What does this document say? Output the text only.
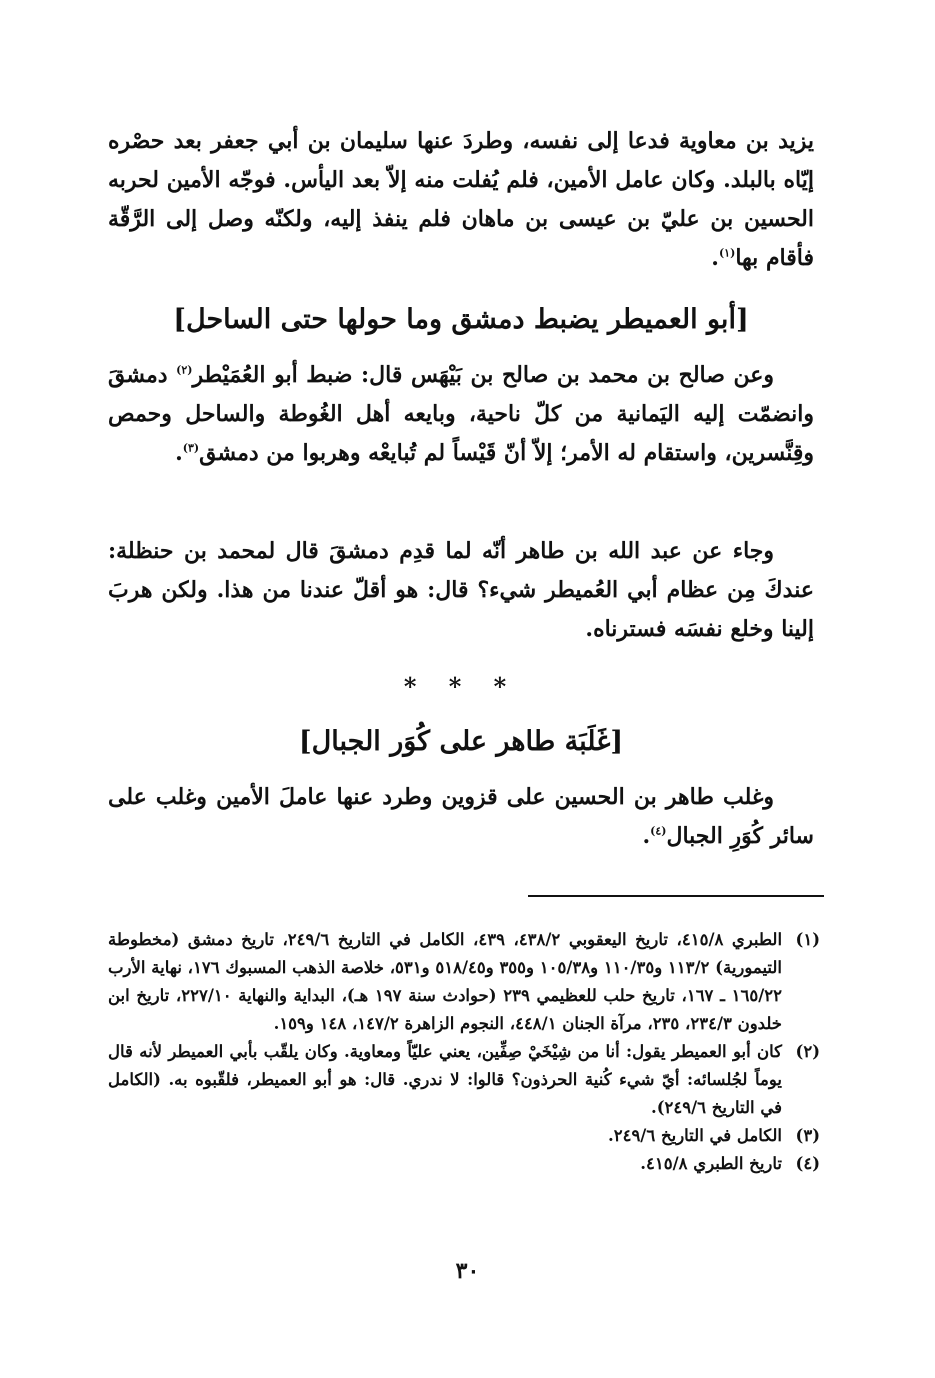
يزيد بن معاوية فدعا إلى نفسه، وطردَ عنها سليمان بن أبي جعفر بعد حصْره إيّاه بالبلد. وكان عامل الأمين، فلم يُفلت منه إلاّ بعد اليأس. فوجّه الأمين لحربه الحسين بن عليّ بن عيسى بن ماهان فلم ينفذ إليه، ولكنّه وصل إلى الرَّقّة فأقام بها$^{(١)}$.
[أبو العميطر يضبط دمشق وما حولها حتى الساحل]
وعن صالح بن محمد بن صالح بن بَيْهَس قال: ضبط أبو العُمَيْطر$^{(٢)}$ دمشقَ وانضمّت إليه اليَمانية من كلّ ناحية، وبايعه أهل الغُوطة والساحل وحمص وقِنَّسرين، واستقام له الأمر؛ إلاّ أنّ قَيْساً لم تُبايعْه وهربوا من دمشق$^{(٣)}$.
وجاء عن عبد الله بن طاهر أنّه لما قدِم دمشقَ قال لمحمد بن حنظلة: عندكَ مِن عظام أبي العُميطر شيء؟ قال: هو أقلّ عندنا من هذا. ولكن هربَ إلينا وخلع نفسَه فسترناه.
* * *
[غَلَبَة طاهر على كُوَر الجبال]
وغلب طاهر بن الحسين على قزوين وطرد عنها عاملَ الأمين وغلب على سائر كُوَرِ الجبال$^{(٤)}$.
(١)
الطبري ٤١٥/٨، تاريخ اليعقوبي ٤٣٨/٢، ٤٣٩، الكامل في التاريخ ٢٤٩/٦، تاريخ دمشق (مخطوطة التيمورية) ١١٣/٢ و١١٠/٣٥ و١٠٥/٣٨ و٣٥٥ و٥١٨/٤٥ و٥٣١، خلاصة الذهب المسبوك ١٧٦، نهاية الأرب ١٦٥/٢٢ ـ ١٦٧، تاريخ حلب للعظيمي ٢٣٩ (حوادث سنة ١٩٧ هـ)، البداية والنهاية ٢٢٧/١٠، تاريخ ابن خلدون ٢٣٤/٣، ٢٣٥، مرآة الجنان ٤٤٨/١، النجوم الزاهرة ١٤٧/٢، ١٤٨ و١٥٩.
(٢)
كان أبو العميطر يقول: أنا من شِيْخَيْ صِفِّين، يعني عليّاً ومعاوية. وكان يلقّب بأبي العميطر لأنه قال يوماً لجُلسائه: أيّ شيء كُنية الحرذون؟ قالوا: لا ندري. قال: هو أبو العميطر، فلقّبوه به. (الكامل في التاريخ ٢٤٩/٦).
(٣)
الكامل في التاريخ ٢٤٩/٦.
(٤)
تاريخ الطبري ٤١٥/٨.
٣٠
